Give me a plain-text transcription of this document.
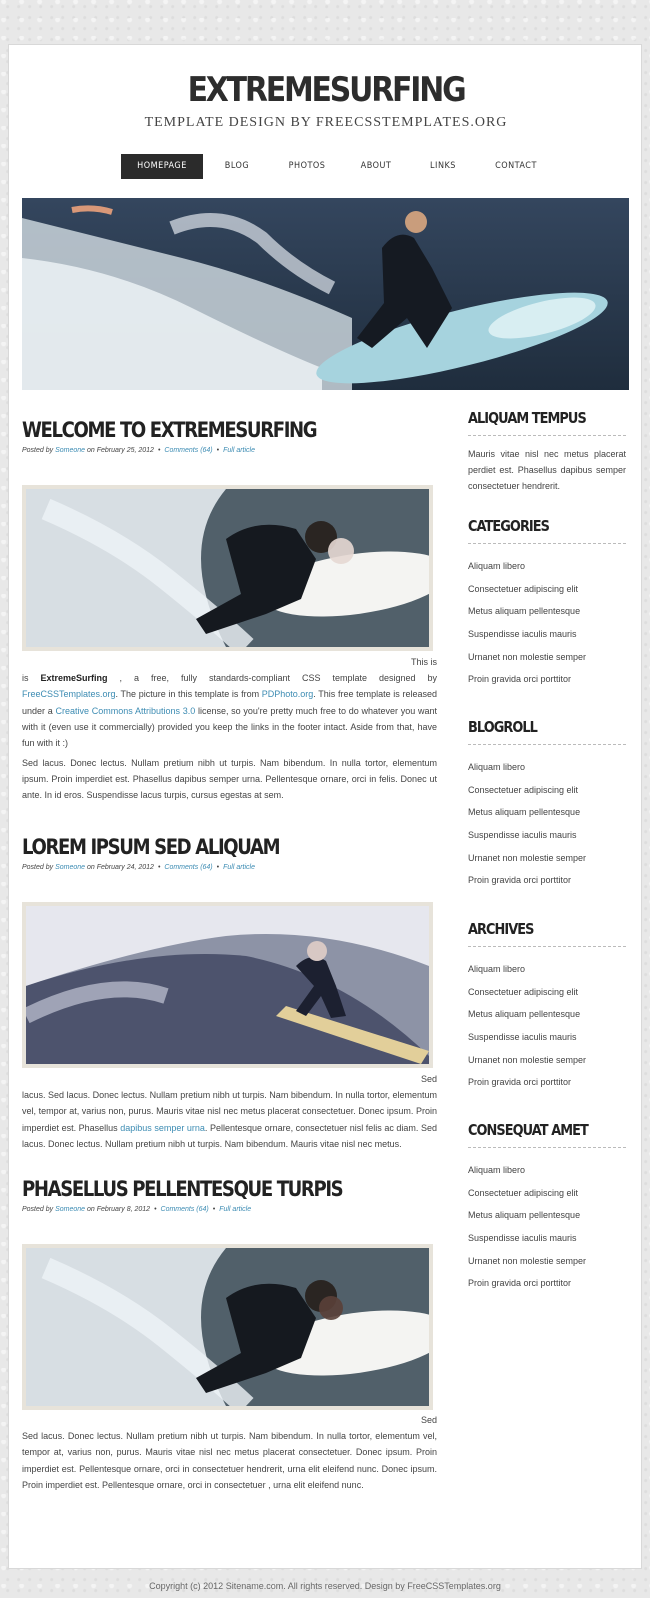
EXTREMESURFING
TEMPLATE DESIGN BY FREECSSTEMPLATES.ORG
HOMEPAGE	BLOG	PHOTOS	ABOUT	LINKS	CONTACT
WELCOME TO EXTREMESURFING
Posted by Someone on February 25, 2012 • Comments (64) • Full article
This is
is ExtremeSurfing , a free, fully standards-compliant CSS template designed by FreeCSSTemplates.org. The picture in this template is from PDPhoto.org. This free template is released under a Creative Commons Attributions 3.0 license, so you're pretty much free to do whatever you want with it (even use it commercially) provided you keep the links in the footer intact. Aside from that, have fun with it :)
Sed lacus. Donec lectus. Nullam pretium nibh ut turpis. Nam bibendum. In nulla tortor, elementum ipsum. Proin imperdiet est. Phasellus dapibus semper urna. Pellentesque ornare, orci in felis. Donec ut ante. In id eros. Suspendisse lacus turpis, cursus egestas at sem.
LOREM IPSUM SED ALIQUAM
Posted by Someone on February 24, 2012 • Comments (64) • Full article
Sed
lacus. Sed lacus. Donec lectus. Nullam pretium nibh ut turpis. Nam bibendum. In nulla tortor, elementum vel, tempor at, varius non, purus. Mauris vitae nisl nec metus placerat consectetuer. Donec ipsum. Proin imperdiet est. Phasellus dapibus semper urna. Pellentesque ornare, consectetuer nisl felis ac diam. Sed lacus. Donec lectus. Nullam pretium nibh ut turpis. Nam bibendum. Mauris vitae nisl nec metus.
PHASELLUS PELLENTESQUE TURPIS
Posted by Someone on February 8, 2012 • Comments (64) • Full article
Sed
Sed lacus. Donec lectus. Nullam pretium nibh ut turpis. Nam bibendum. In nulla tortor, elementum vel, tempor at, varius non, purus. Mauris vitae nisl nec metus placerat consectetuer. Donec ipsum. Proin imperdiet est. Pellentesque ornare, orci in consectetuer hendrerit, urna elit eleifend nunc. Donec ipsum. Proin imperdiet est. Pellentesque ornare, orci in consectetuer , urna elit eleifend nunc.
ALIQUAM TEMPUS

Mauris vitae nisl nec metus placerat perdiet est. Phasellus dapibus semper consectetuer hendrerit.

CATEGORIES
Aliquam libero
Consectetuer adipiscing elit
Metus aliquam pellentesque
Suspendisse iaculis mauris
Urnanet non molestie semper
Proin gravida orci porttitor
BLOGROLL
Aliquam libero
Consectetuer adipiscing elit
Metus aliquam pellentesque
Suspendisse iaculis mauris
Urnanet non molestie semper
Proin gravida orci porttitor
ARCHIVES
Aliquam libero
Consectetuer adipiscing elit
Metus aliquam pellentesque
Suspendisse iaculis mauris
Urnanet non molestie semper
Proin gravida orci porttitor
CONSEQUAT AMET
Aliquam libero
Consectetuer adipiscing elit
Metus aliquam pellentesque
Suspendisse iaculis mauris
Urnanet non molestie semper
Proin gravida orci porttitor
Copyright (c) 2012 Sitename.com. All rights reserved. Design by FreeCSSTemplates.org
